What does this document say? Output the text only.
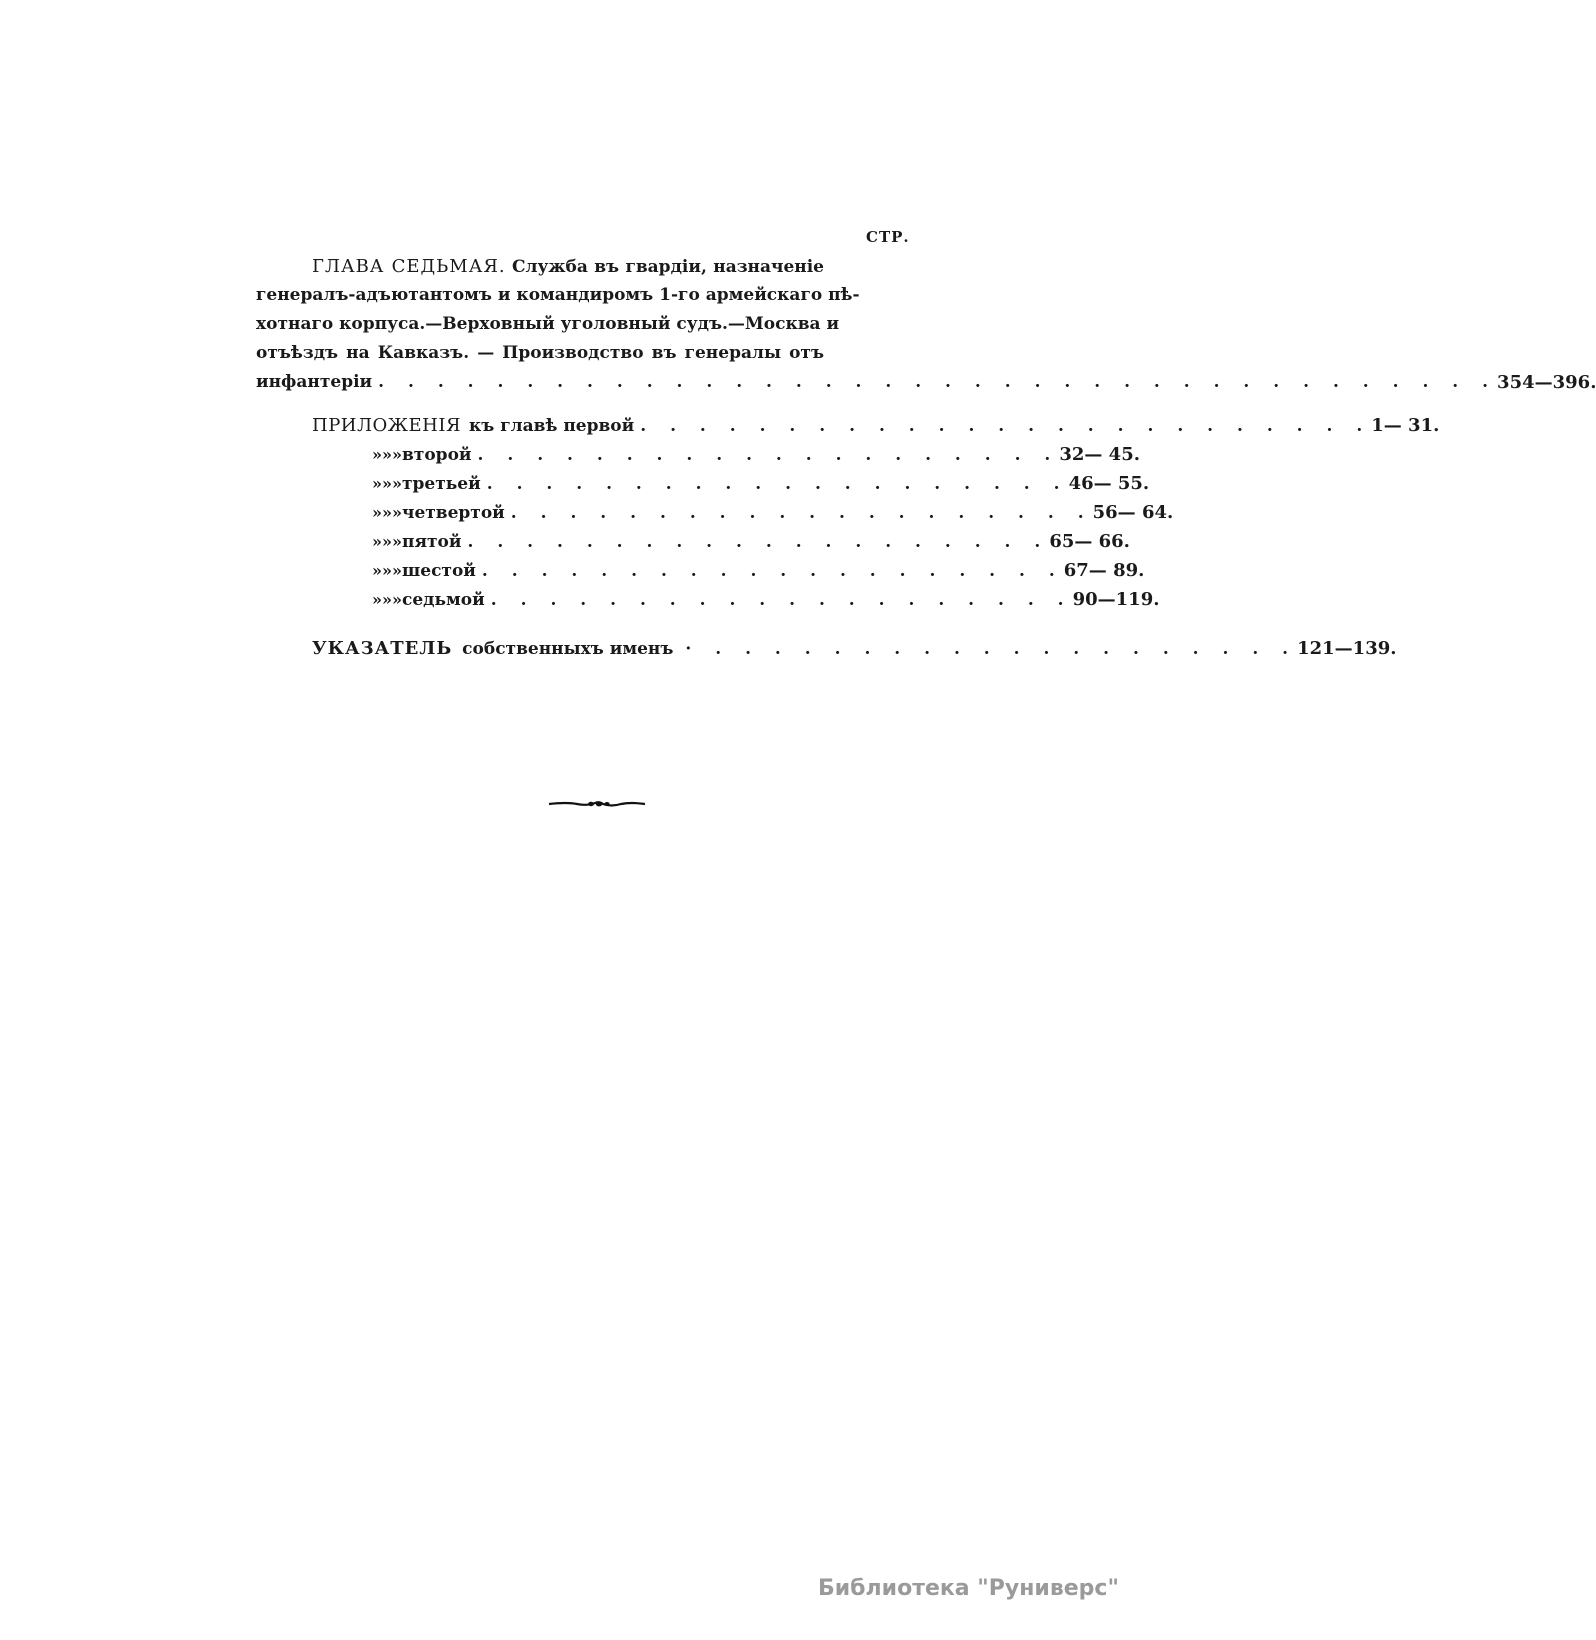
СТР.
ГЛАВА СЕДЬМАЯ. Служба въ гвардіи, назначеніе
генералъ-адъютантомъ и командиромъ 1-го армейскаго пѣ-
хотнаго корпуса.—Верховный уголовный судъ.—Москва и
отъѣздъ на Кавказъ. — Производство въ генералы отъ
инфантеріи . . . . . . . . . . . . . . . . . . . . . . . . . . . . . . . . . . . . . . 354—396.
ПРИЛОЖЕНІЯ къ главѣ первой . . . . . . . . . . . . . . . . . . . . . . . . . 1— 31.
» » » второй . . . . . . . . . . . . . . . . . . . . 32— 45.
» » » третьей . . . . . . . . . . . . . . . . . . . . 46— 55.
» » » четвертой . . . . . . . . . . . . . . . . . . . . 56— 64.
» » » пятой . . . . . . . . . . . . . . . . . . . . 65— 66.
» » » шестой . . . . . . . . . . . . . . . . . . . . 67— 89.
» » » седьмой . . . . . . . . . . . . . . . . . . . . 90—119.
УКАЗАТЕЛЬ собственныхъ именъ · . . . . . . . . . . . . . . . . . . . . 121—139.
Библиотека "Руниверс"
